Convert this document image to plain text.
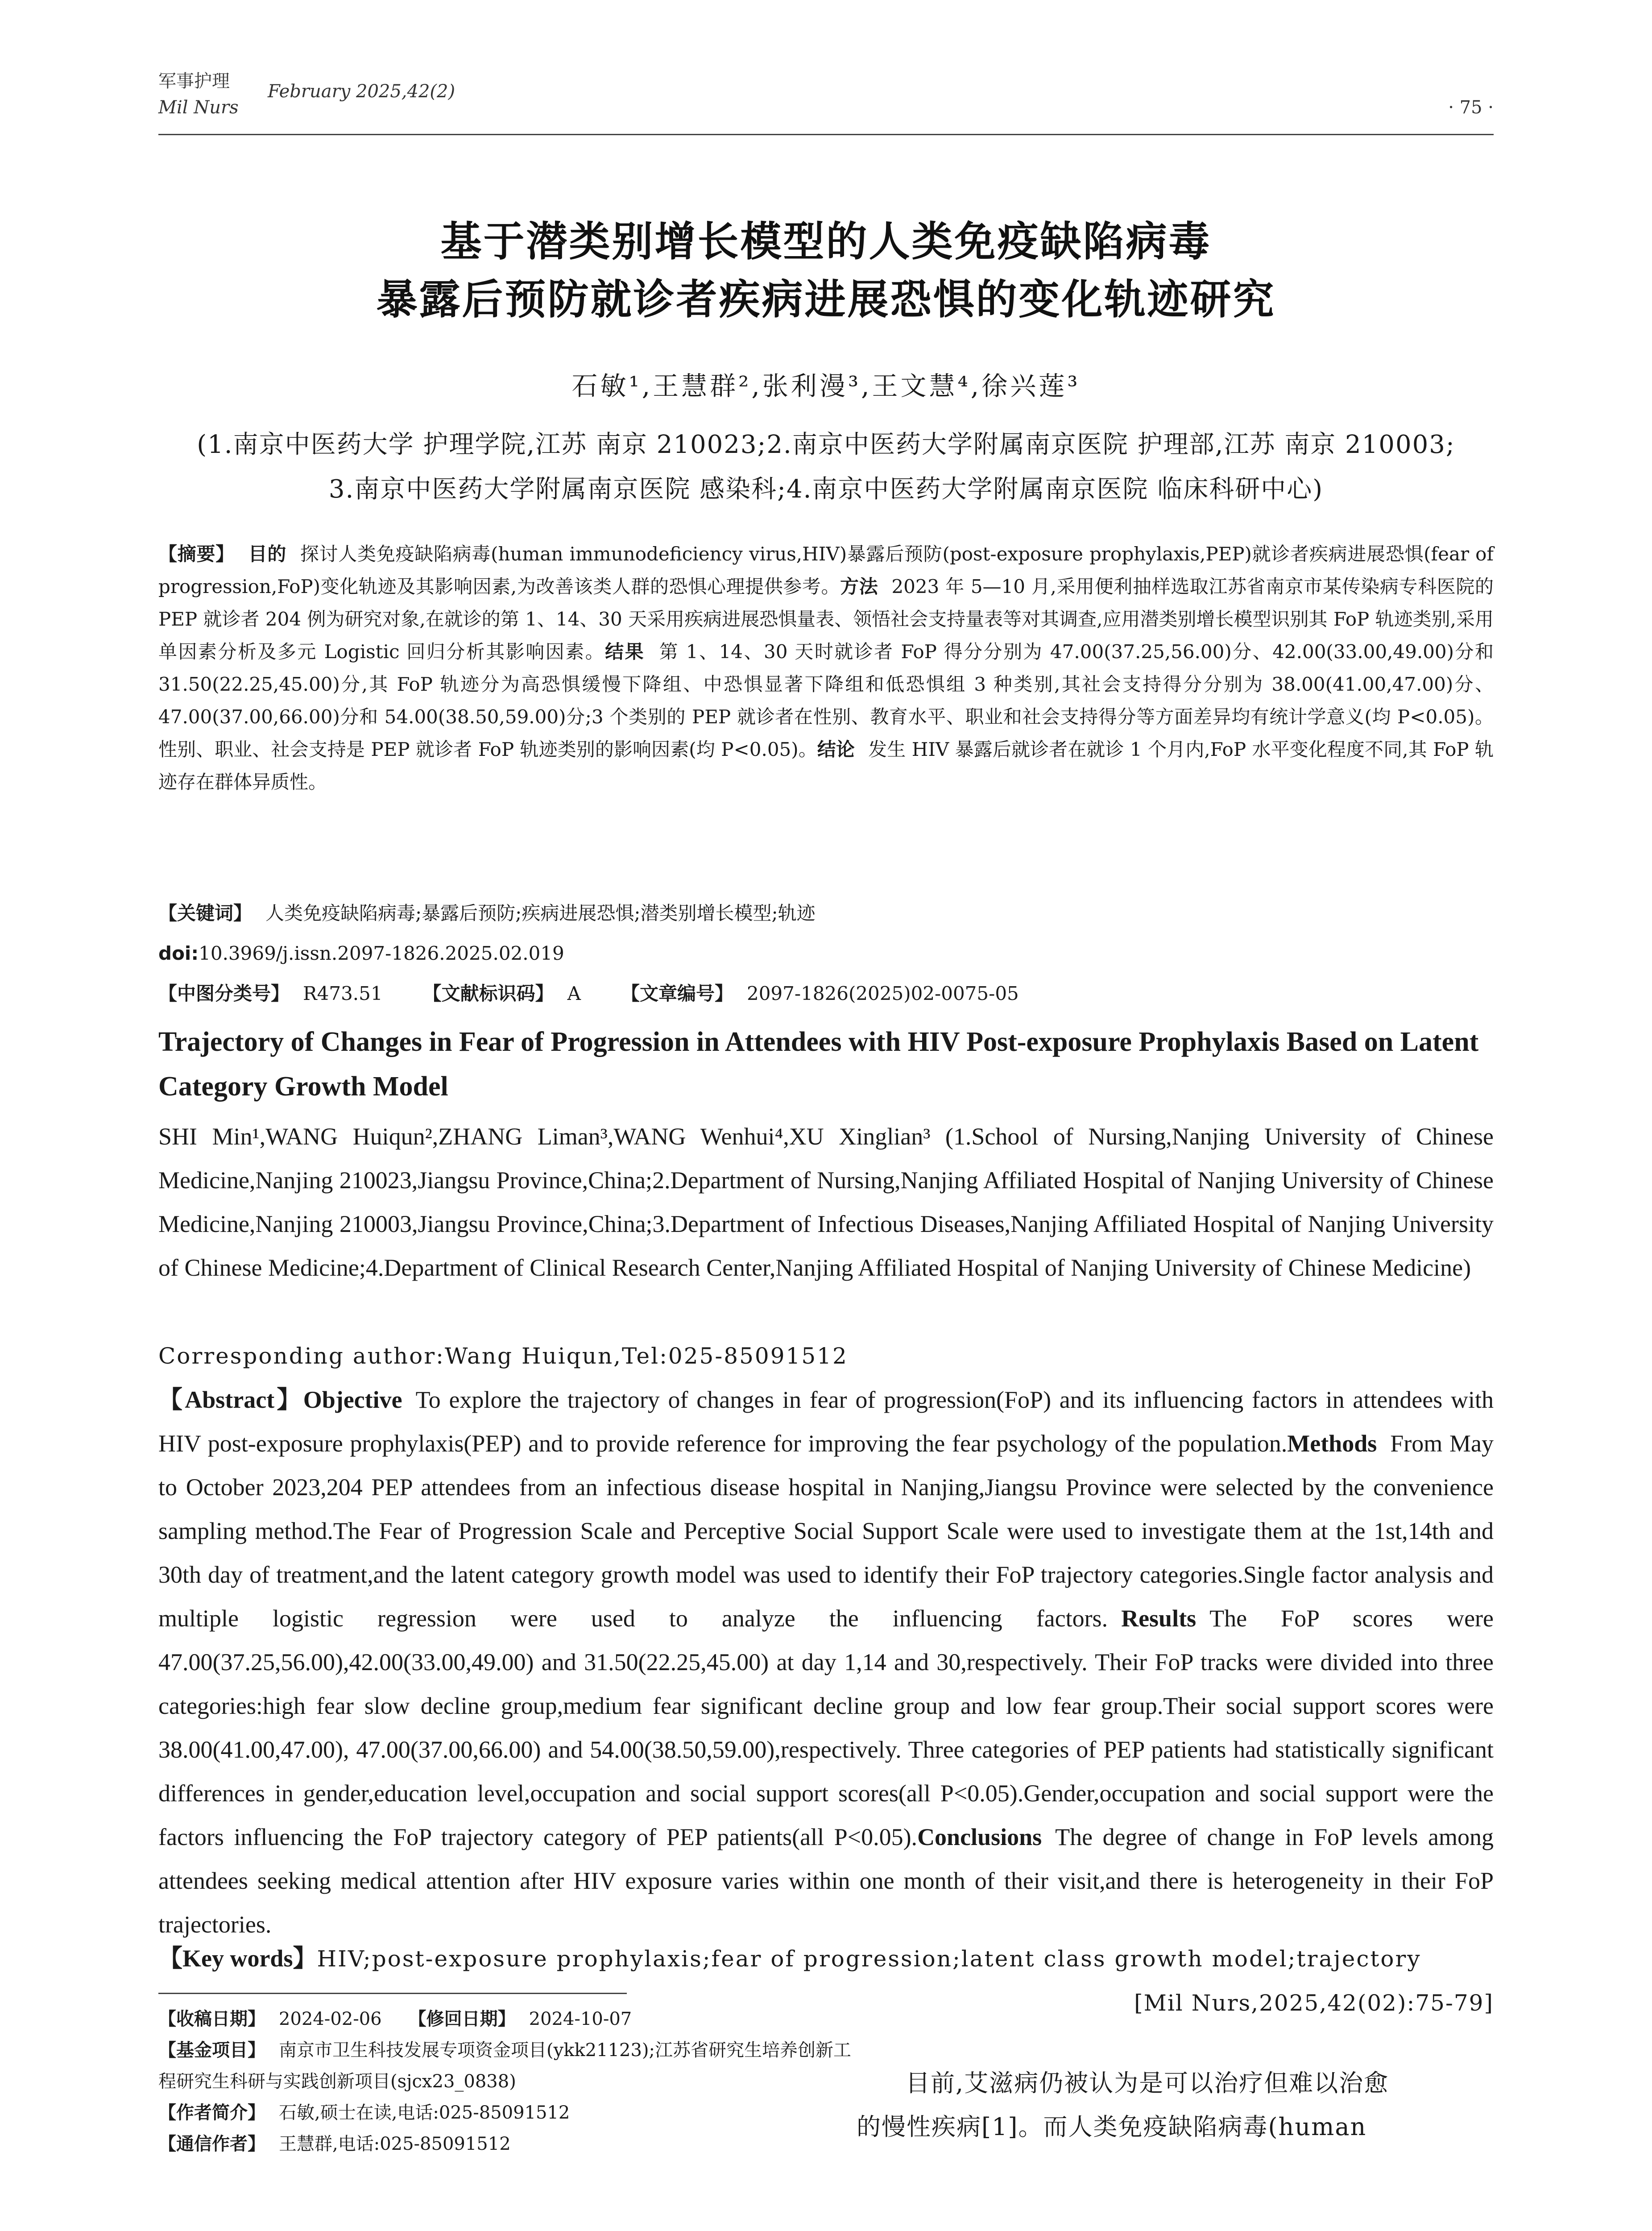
军事护理
Mil Nurs
February 2025,42(2)
· 75 ·
基于潜类别增长模型的人类免疫缺陷病毒
暴露后预防就诊者疾病进展恐惧的变化轨迹研究
石敏¹,王慧群²,张利漫³,王文慧⁴,徐兴莲³
(1.南京中医药大学 护理学院,江苏 南京 210023;2.南京中医药大学附属南京医院 护理部,江苏 南京 210003;
3.南京中医药大学附属南京医院 感染科;4.南京中医药大学附属南京医院 临床科研中心)
【摘要】 目的 探讨人类免疫缺陷病毒(human immunodeficiency virus,HIV)暴露后预防(post-exposure prophylaxis,PEP)就诊者疾病进展恐惧(fear of progression,FoP)变化轨迹及其影响因素,为改善该类人群的恐惧心理提供参考。方法 2023 年 5—10 月,采用便利抽样选取江苏省南京市某传染病专科医院的 PEP 就诊者 204 例为研究对象,在就诊的第 1、14、30 天采用疾病进展恐惧量表、领悟社会支持量表等对其调查,应用潜类别增长模型识别其 FoP 轨迹类别,采用单因素分析及多元 Logistic 回归分析其影响因素。结果 第 1、14、30 天时就诊者 FoP 得分分别为 47.00(37.25,56.00)分、42.00(33.00,49.00)分和 31.50(22.25,45.00)分,其 FoP 轨迹分为高恐惧缓慢下降组、中恐惧显著下降组和低恐惧组 3 种类别,其社会支持得分分别为 38.00(41.00,47.00)分、47.00(37.00,66.00)分和 54.00(38.50,59.00)分;3 个类别的 PEP 就诊者在性别、教育水平、职业和社会支持得分等方面差异均有统计学意义(均 P<0.05)。性别、职业、社会支持是 PEP 就诊者 FoP 轨迹类别的影响因素(均 P<0.05)。结论 发生 HIV 暴露后就诊者在就诊 1 个月内,FoP 水平变化程度不同,其 FoP 轨迹存在群体异质性。
【关键词】 人类免疫缺陷病毒;暴露后预防;疾病进展恐惧;潜类别增长模型;轨迹
doi:10.3969/j.issn.2097-1826.2025.02.019
【中图分类号】 R473.51 【文献标识码】 A 【文章编号】 2097-1826(2025)02-0075-05
Trajectory of Changes in Fear of Progression in Attendees with HIV Post-exposure Prophylaxis Based on Latent Category Growth Model
SHI Min¹,WANG Huiqun²,ZHANG Liman³,WANG Wenhui⁴,XU Xinglian³ (1.School of Nursing,Nanjing University of Chinese Medicine,Nanjing 210023,Jiangsu Province,China;2.Department of Nursing,Nanjing Affiliated Hospital of Nanjing University of Chinese Medicine,Nanjing 210003,Jiangsu Province,China;3.Department of Infectious Diseases,Nanjing Affiliated Hospital of Nanjing University of Chinese Medicine;4.Department of Clinical Research Center,Nanjing Affiliated Hospital of Nanjing University of Chinese Medicine)
Corresponding author:Wang Huiqun,Tel:025-85091512
【Abstract】Objective To explore the trajectory of changes in fear of progression(FoP) and its influencing factors in attendees with HIV post-exposure prophylaxis(PEP) and to provide reference for improving the fear psychology of the population.Methods From May to October 2023,204 PEP attendees from an infectious disease hospital in Nanjing,Jiangsu Province were selected by the convenience sampling method.The Fear of Progression Scale and Perceptive Social Support Scale were used to investigate them at the 1st,14th and 30th day of treatment,and the latent category growth model was used to identify their FoP trajectory categories.Single factor analysis and multiple logistic regression were used to analyze the influencing factors. Results The FoP scores were 47.00(37.25,56.00),42.00(33.00,49.00) and 31.50(22.25,45.00) at day 1,14 and 30,respectively. Their FoP tracks were divided into three categories:high fear slow decline group,medium fear significant decline group and low fear group.Their social support scores were 38.00(41.00,47.00), 47.00(37.00,66.00) and 54.00(38.50,59.00),respectively. Three categories of PEP patients had statistically significant differences in gender,education level,occupation and social support scores(all P<0.05).Gender,occupation and social support were the factors influencing the FoP trajectory category of PEP patients(all P<0.05).Conclusions The degree of change in FoP levels among attendees seeking medical attention after HIV exposure varies within one month of their visit,and there is heterogeneity in their FoP trajectories.
【Key words】HIV;post-exposure prophylaxis;fear of progression;latent class growth model;trajectory
[Mil Nurs,2025,42(02):75-79]
【收稿日期】 2024-02-06 【修回日期】 2024-10-07
【基金项目】 南京市卫生科技发展专项资金项目(ykk21123);江苏省研究生培养创新工程研究生科研与实践创新项目(sjcx23_0838)
【作者简介】 石敏,硕士在读,电话:025-85091512
【通信作者】 王慧群,电话:025-85091512
目前,艾滋病仍被认为是可以治疗但难以治愈
的慢性疾病[1]。而人类免疫缺陷病毒(human
